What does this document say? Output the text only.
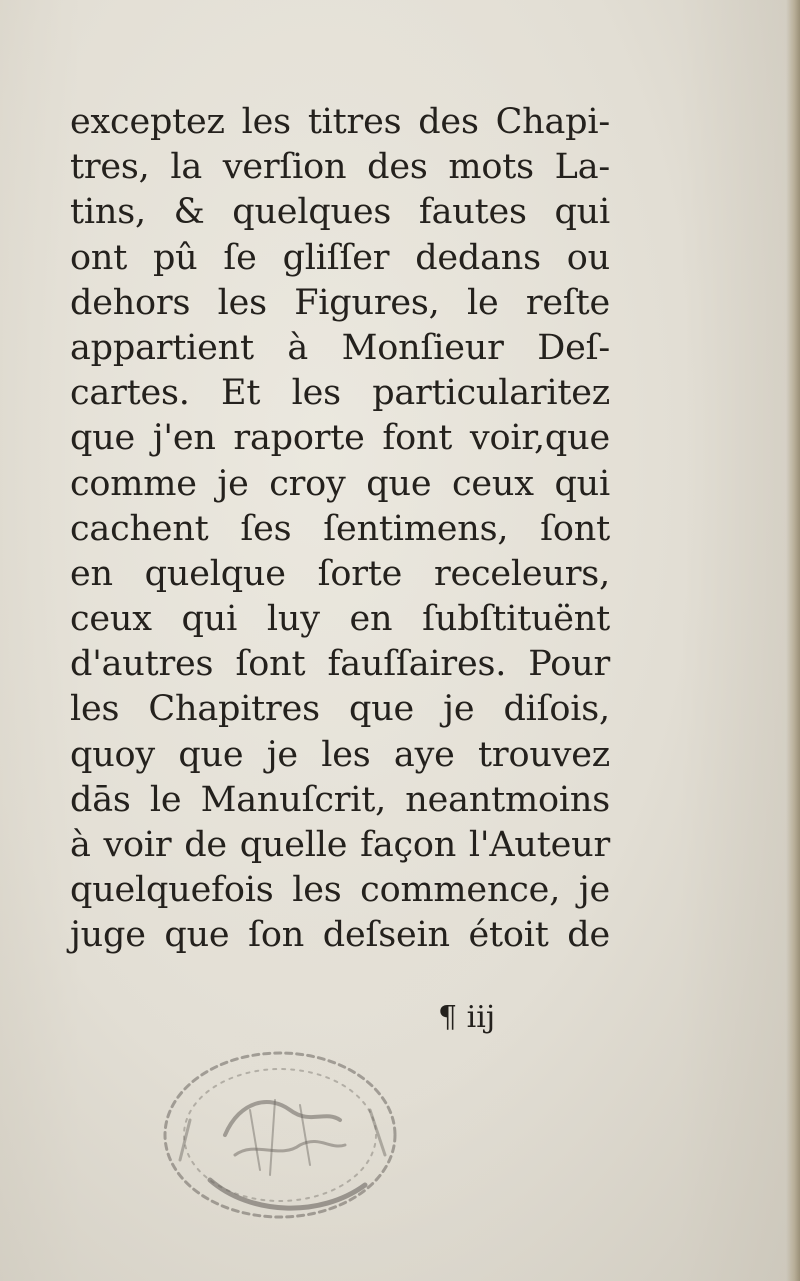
exceptez les titres des Chapi-
tres, la verſion des mots La-
tins, & quelques fautes qui
ont pû ſe gliſſer dedans ou
dehors les Figures, le reſte
appartient à Monſieur Deſ-
cartes. Et les particularitez
que j'en raporte font voir,que
comme je croy que ceux qui
cachent ſes ſentimens, ſont
en quelque ſorte receleurs,
ceux qui luy en ſubſtituënt
d'autres ſont fauſſaires. Pour
les Chapitres que je diſois,
quoy que je les aye trouvez
dās le Manuſcrit, neantmoins
à voir de quelle façon l'Auteur
quelquefois les commence, je
juge que ſon deſsein étoit de
¶ iij
